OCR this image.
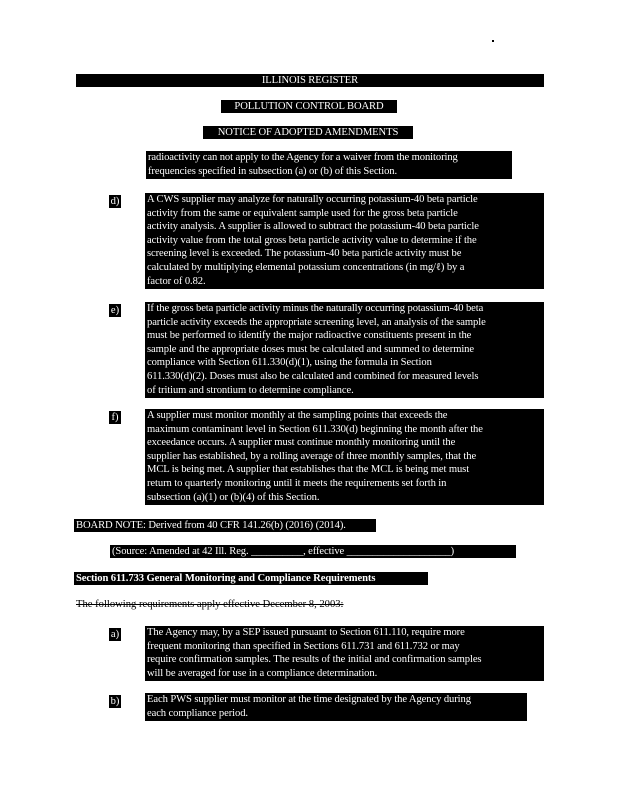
ILLINOIS REGISTER
POLLUTION CONTROL BOARD
NOTICE OF ADOPTED AMENDMENTS
radioactivity can not apply to the Agency for a waiver from the monitoring
frequencies specified in subsection (a) or (b) of this Section.
d)	A CWS supplier may analyze for naturally occurring potassium-40 beta particle
activity from the same or equivalent sample used for the gross beta particle
activity analysis. A supplier is allowed to subtract the potassium-40 beta particle
activity value from the total gross beta particle activity value to determine if the
screening level is exceeded. The potassium-40 beta particle activity must be
calculated by multiplying elemental potassium concentrations (in mg/ℓ) by a
factor of 0.82.
e)	If the gross beta particle activity minus the naturally occurring potassium-40 beta
particle activity exceeds the appropriate screening level, an analysis of the sample
must be performed to identify the major radioactive constituents present in the
sample and the appropriate doses must be calculated and summed to determine
compliance with Section 611.330(d)(1), using the formula in Section
611.330(d)(2). Doses must also be calculated and combined for measured levels
of tritium and strontium to determine compliance.
f)	A supplier must monitor monthly at the sampling points that exceeds the
maximum contaminant level in Section 611.330(d) beginning the month after the
exceedance occurs. A supplier must continue monthly monitoring until the
supplier has established, by a rolling average of three monthly samples, that the
MCL is being met. A supplier that establishes that the MCL is being met must
return to quarterly monitoring until it meets the requirements set forth in
subsection (a)(1) or (b)(4) of this Section.
BOARD NOTE: Derived from 40 CFR 141.26(b) (2016) (2014).
(Source: Amended at 42 Ill. Reg. __________, effective ____________________)
Section 611.733 General Monitoring and Compliance Requirements
The following requirements apply effective December 8, 2003:
a)	The Agency may, by a SEP issued pursuant to Section 611.110, require more
frequent monitoring than specified in Sections 611.731 and 611.732 or may
require confirmation samples. The results of the initial and confirmation samples
will be averaged for use in a compliance determination.
b)	Each PWS supplier must monitor at the time designated by the Agency during
each compliance period.
